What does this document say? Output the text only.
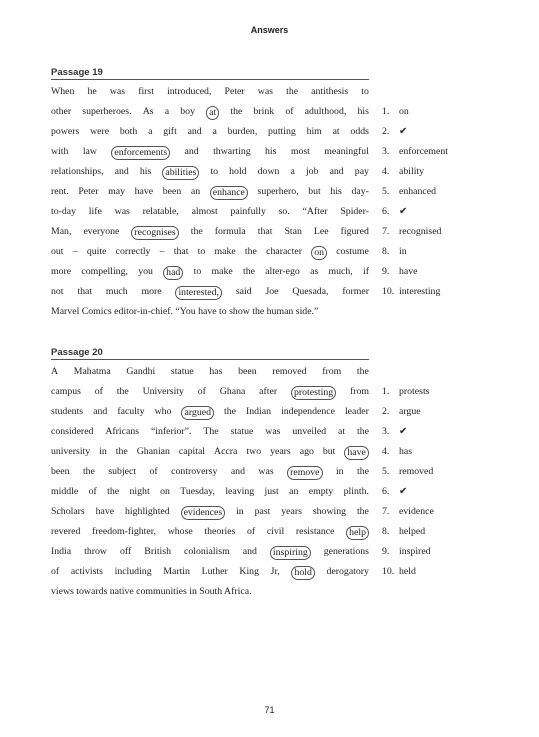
Answers
Passage 19
When he was first introduced, Peter was the antithesis to
other superheroes. As a boy	at	the brink of adulthood, his
powers were both a gift and a burden, putting him at odds
with law	enforcements	and thwarting his most meaningful
relationships, and his	abilities	to hold down a job and pay
rent. Peter may have been an	enhance	superhero, but his day-
to-day life was relatable, almost painfully so. “After Spider-
Man, everyone	recognises	the formula that Stan Lee figured
out – quite correctly – that to make the character	on	costume
more compelling, you	had	to make the alter-ego as much, if
not that much more	interested,	said Joe Quesada, former
Marvel Comics editor-in-chief. “You have to show the human side.”
1. on
2. ✔
3. enforcement
4. ability
5. enhanced
6. ✔
7. recognised
8. in
9. have
10. interesting
Passage 20
A Mahatma Gandhi statue has been removed from the
campus of the University of Ghana after	protesting	from
students and faculty who	argued	the Indian independence leader
considered Africans “inferior”. The statue was unveiled at the
university in the Ghanian capital Accra two years ago but	have
been the subject of controversy and was	remove	in the
middle of the night on Tuesday, leaving just an empty plinth.
Scholars have highlighted	evidences	in past years showing the
revered freedom-fighter, whose theories of civil resistance	help
India throw off British colonialism and	inspiring	generations
of activists including Martin Luther King Jr,	hold	derogatory
views towards native communities in South Africa.
1. protests
2. argue
3. ✔
4. has
5. removed
6. ✔
7. evidence
8. helped
9. inspired
10. held
71
